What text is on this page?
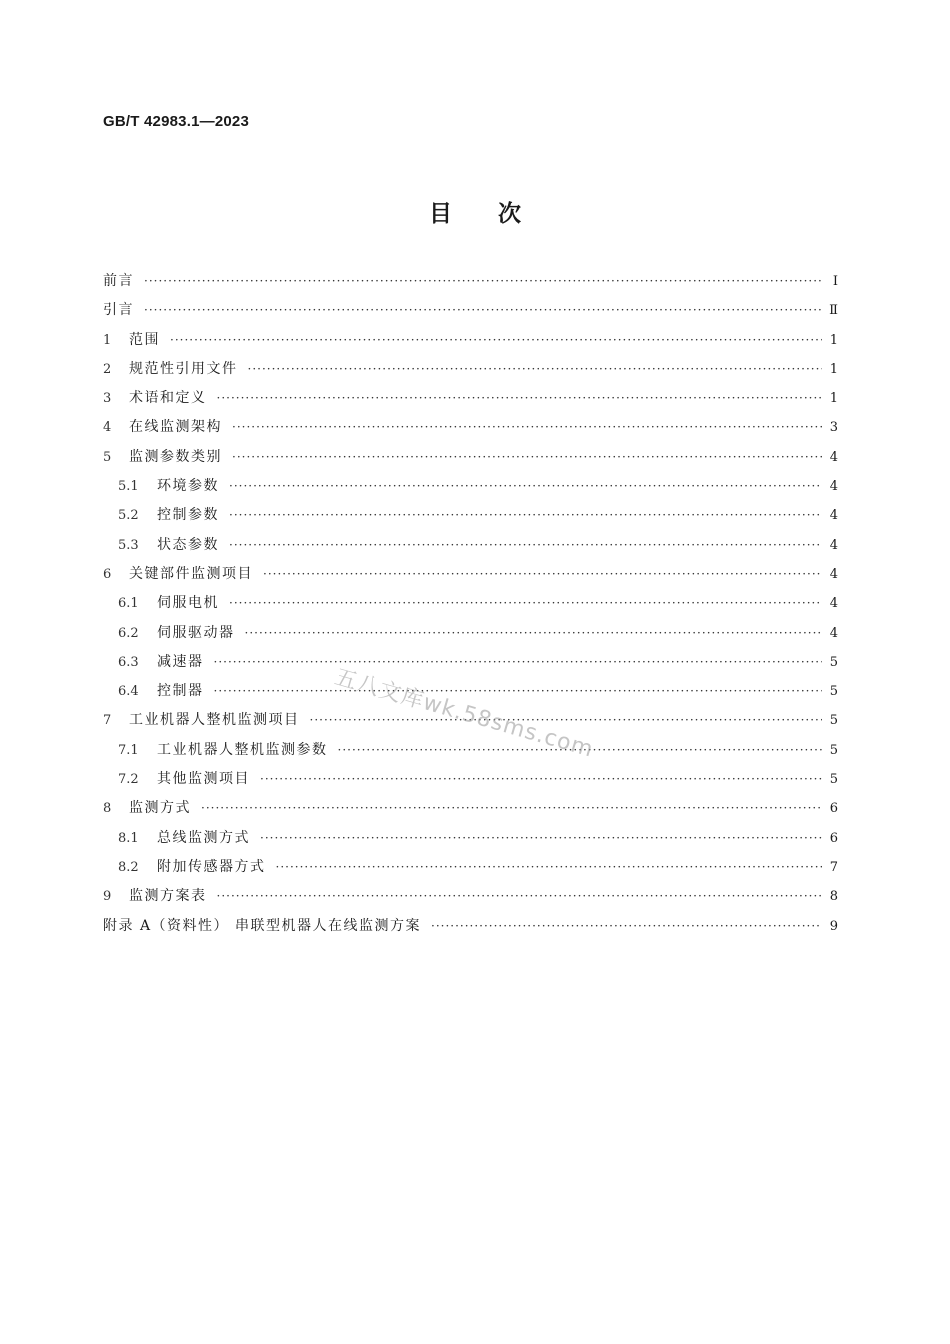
GB/T 42983.1—2023
目次
前言 ·····	Ⅰ
引言 ·····	Ⅱ
1	范围 ·····	1
2	规范性引用文件 ·····	1
3	术语和定义 ·····	1
4	在线监测架构 ·····	3
5	监测参数类别 ·····	4
5.1	环境参数 ·····	4
5.2	控制参数 ·····	4
5.3	状态参数 ·····	4
6	关键部件监测项目 ·····	4
6.1	伺服电机 ·····	4
6.2	伺服驱动器 ·····	4
6.3	减速器 ·····	5
6.4	控制器 ·····	5
7	工业机器人整机监测项目 ·····	5
7.1	工业机器人整机监测参数 ·····	5
7.2	其他监测项目 ·····	5
8	监测方式 ·····	6
8.1	总线监测方式 ·····	6
8.2	附加传感器方式 ·····	7
9	监测方案表 ·····	8
附录 A（资料性） 串联型机器人在线监测方案 ·····	9
五八文库wk.58sms.com
